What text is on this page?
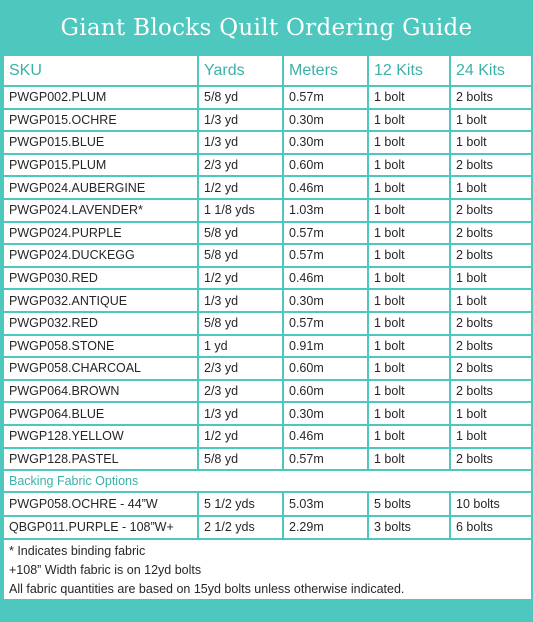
Giant Blocks Quilt Ordering Guide
SKU	Yards	Meters	12 Kits	24 Kits
PWGP002.PLUM	5/8 yd	0.57m	1 bolt	2 bolts
PWGP015.OCHRE	1/3 yd	0.30m	1 bolt	1 bolt
PWGP015.BLUE	1/3 yd	0.30m	1 bolt	1 bolt
PWGP015.PLUM	2/3 yd	0.60m	1 bolt	2 bolts
PWGP024.AUBERGINE	1/2 yd	0.46m	1 bolt	1 bolt
PWGP024.LAVENDER*	1 1/8 yds	1.03m	1 bolt	2 bolts
PWGP024.PURPLE	5/8 yd	0.57m	1 bolt	2 bolts
PWGP024.DUCKEGG	5/8 yd	0.57m	1 bolt	2 bolts
PWGP030.RED	1/2 yd	0.46m	1 bolt	1 bolt
PWGP032.ANTIQUE	1/3 yd	0.30m	1 bolt	1 bolt
PWGP032.RED	5/8 yd	0.57m	1 bolt	2 bolts
PWGP058.STONE	1 yd	0.91m	1 bolt	2 bolts
PWGP058.CHARCOAL	2/3 yd	0.60m	1 bolt	2 bolts
PWGP064.BROWN	2/3 yd	0.60m	1 bolt	2 bolts
PWGP064.BLUE	1/3 yd	0.30m	1 bolt	1 bolt
PWGP128.YELLOW	1/2 yd	0.46m	1 bolt	1 bolt
PWGP128.PASTEL	5/8 yd	0.57m	1 bolt	2 bolts
Backing Fabric Options				
PWGP058.OCHRE - 44”W	5 1/2 yds	5.03m	5 bolts	10 bolts
QBGP011.PURPLE - 108”W+	2 1/2 yds	2.29m	3 bolts	6 bolts

* Indicates binding fabric
+108” Width fabric is on 12yd bolts
All fabric quantities are based on 15yd bolts unless otherwise indicated.				
